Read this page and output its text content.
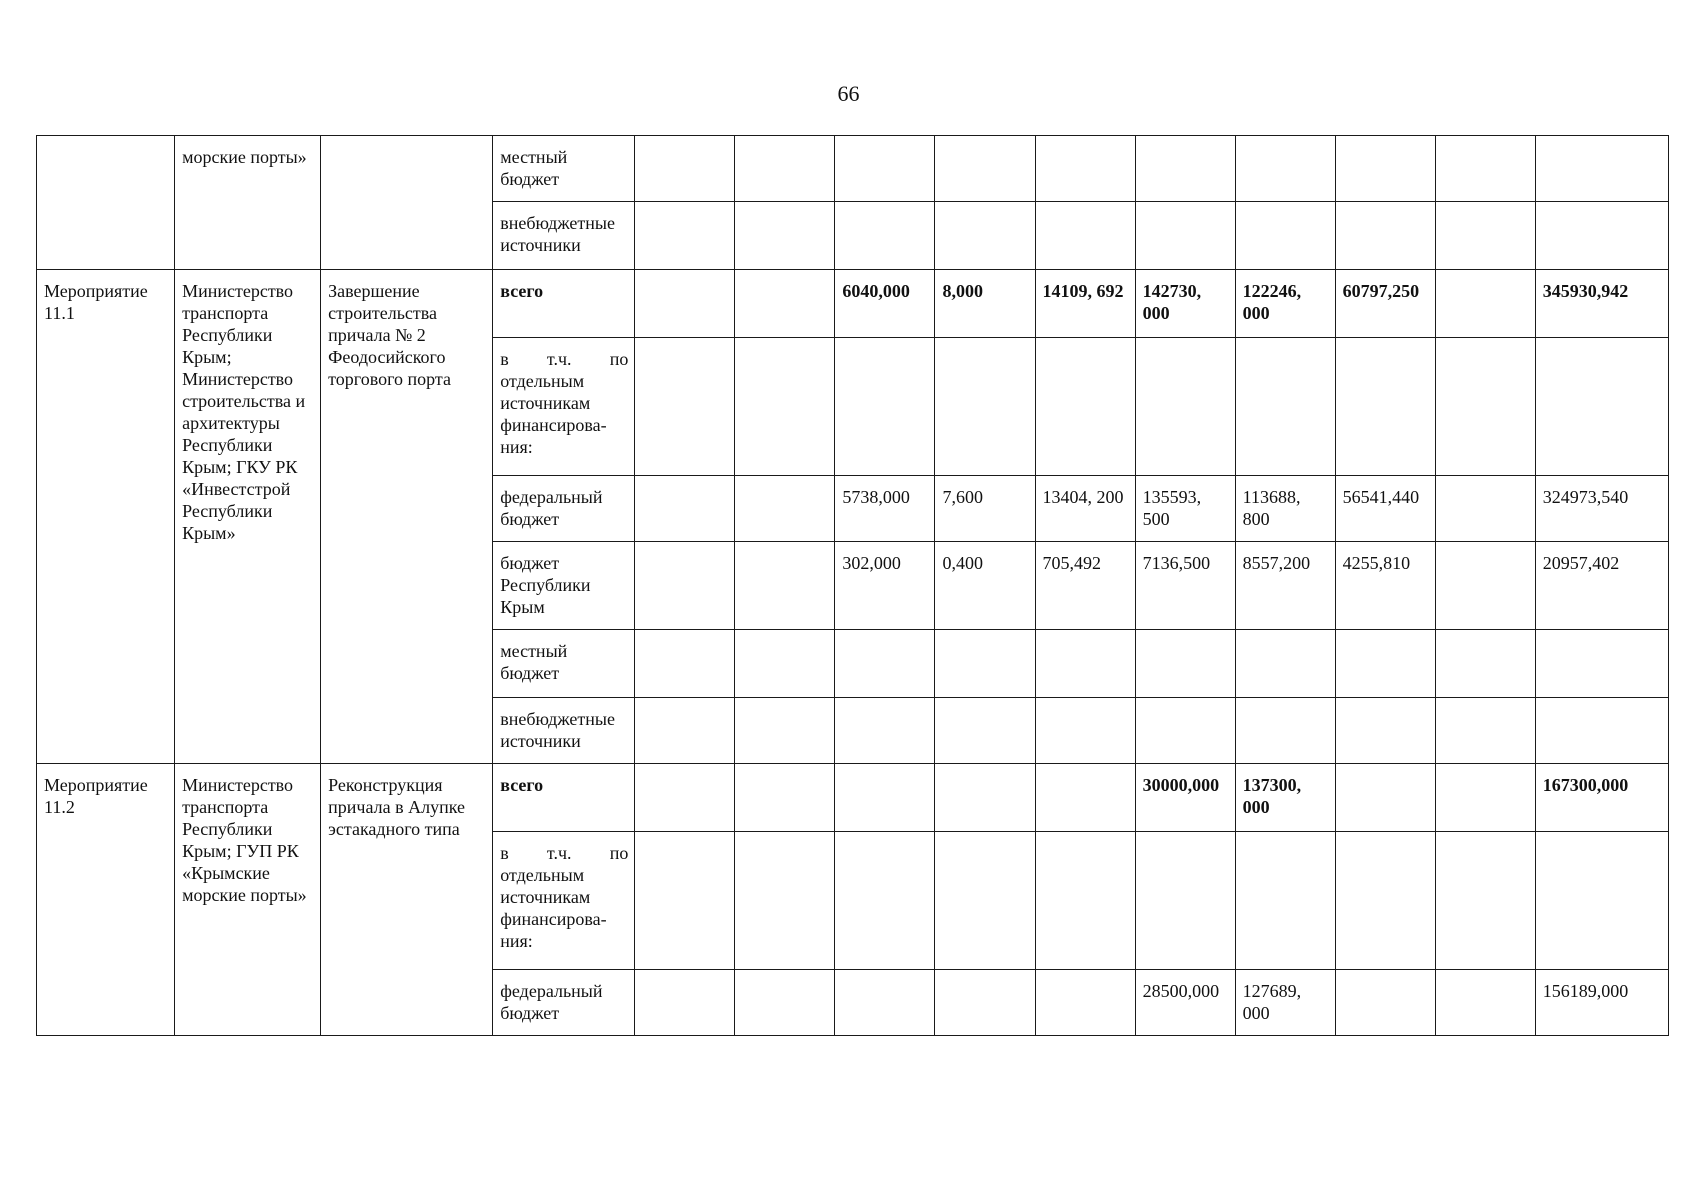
66
	морские порты»		местный бюджет										
			внебюджетные источники										
Мероприятие 11.1	Министерство транспорта Республики Крым; Министерство строительства и архитектуры Республики Крым; ГКУ РК «Инвестстрой Республики Крым»	Завершение строительства причала № 2 Феодосийского торгового порта	всего			6040,000	8,000	14109, 692	142730, 000	122246, 000	60797,250		345930,942

			в т.ч. по
отдельным источникам финансирова-ния:										
			федеральный бюджет			5738,000	7,600	13404, 200	135593, 500	113688, 800	56541,440		324973,540
			бюджет Республики Крым			302,000	0,400	705,492	7136,500	8557,200	4255,810		20957,402
			местный бюджет										
			внебюджетные источники										
Мероприятие 11.2	Министерство транспорта Республики Крым; ГУП РК «Крымские морские порты»	Реконструкция причала в Алупке эстакадного типа	всего						30000,000	137300, 000			167300,000

			в т.ч. по
отдельным источникам финансирова-ния:										
			федеральный бюджет						28500,000	127689, 000			156189,000
